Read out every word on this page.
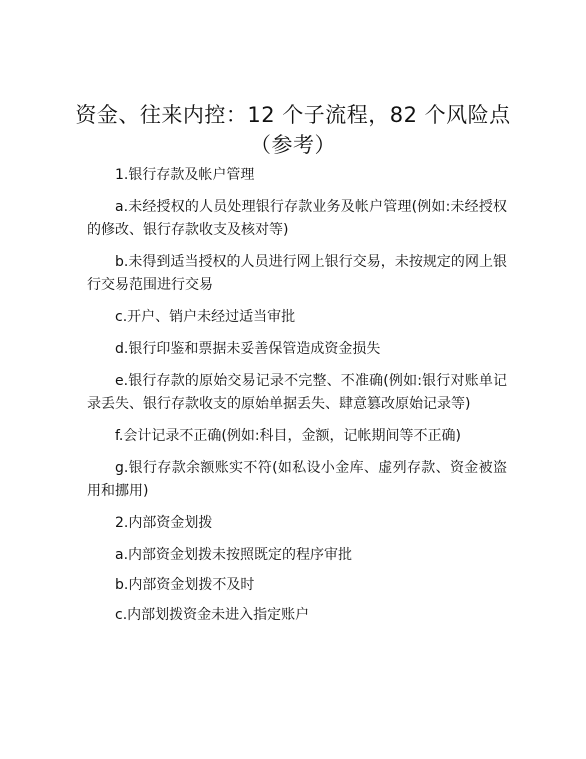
资金、往来内控：12 个子流程，82 个风险点
（参考）

1.银行存款及帐户管理

a.未经授权的人员处理银行存款业务及帐户管理(例如:未经授权的修改、银行存款收支及核对等)

b.未得到适当授权的人员进行网上银行交易，未按规定的网上银行交易范围进行交易

c.开户、销户未经过适当审批

d.银行印鉴和票据未妥善保管造成资金损失

e.银行存款的原始交易记录不完整、不准确(例如:银行对账单记录丢失、银行存款收支的原始单据丢失、肆意篡改原始记录等)

f.会计记录不正确(例如:科目，金额，记帐期间等不正确)

g.银行存款余额账实不符(如私设小金库、虚列存款、资金被盗用和挪用)

2.内部资金划拨

a.内部资金划拨未按照既定的程序审批

b.内部资金划拨不及时

c.内部划拨资金未进入指定账户
